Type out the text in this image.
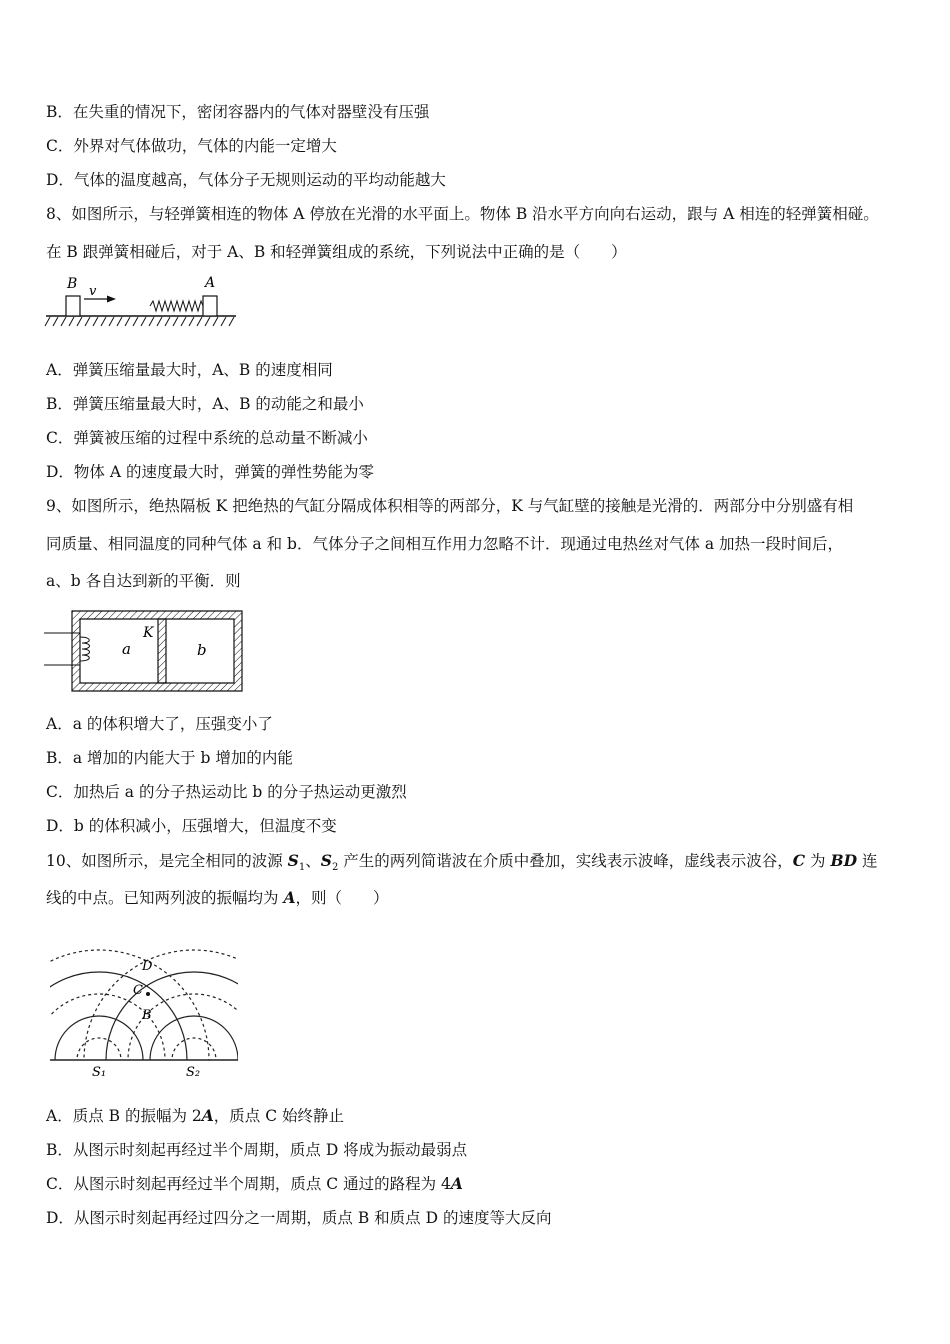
B．在失重的情况下，密闭容器内的气体对器壁没有压强
C．外界对气体做功，气体的内能一定增大
D．气体的温度越高，气体分子无规则运动的平均动能越大
8、如图所示，与轻弹簧相连的物体 A 停放在光滑的水平面上。物体 B 沿水平方向向右运动，跟与 A 相连的轻弹簧相碰。
在 B 跟弹簧相碰后，对于 A、B 和轻弹簧组成的系统，下列说法中正确的是（　　）
B v
A
A．弹簧压缩量最大时，A、B 的速度相同
B．弹簧压缩量最大时，A、B 的动能之和最小
C．弹簧被压缩的过程中系统的总动量不断减小
D．物体 A 的速度最大时，弹簧的弹性势能为零
9、如图所示，绝热隔板 K 把绝热的气缸分隔成体积相等的两部分，K 与气缸壁的接触是光滑的．两部分中分别盛有相
同质量、相同温度的同种气体 a 和 b．气体分子之间相互作用力忽略不计．现通过电热丝对气体 a 加热一段时间后，
a、b 各自达到新的平衡．则
K
a	b
A．a 的体积增大了，压强变小了
B．a 增加的内能大于 b 增加的内能
C．加热后 a 的分子热运动比 b 的分子热运动更激烈
D．b 的体积减小，压强增大，但温度不变
10、如图所示，是完全相同的波源 $S_1$、$S_2$ 产生的两列简谐波在介质中叠加，实线表示波峰，虚线表示波谷，C 为 BD 连
线的中点。已知两列波的振幅均为 A，则（　　）
D
C
B
S₁	S₂
A．质点 B 的振幅为 2A，质点 C 始终静止
B．从图示时刻起再经过半个周期，质点 D 将成为振动最弱点
C．从图示时刻起再经过半个周期，质点 C 通过的路程为 4A
D．从图示时刻起再经过四分之一周期，质点 B 和质点 D 的速度等大反向
